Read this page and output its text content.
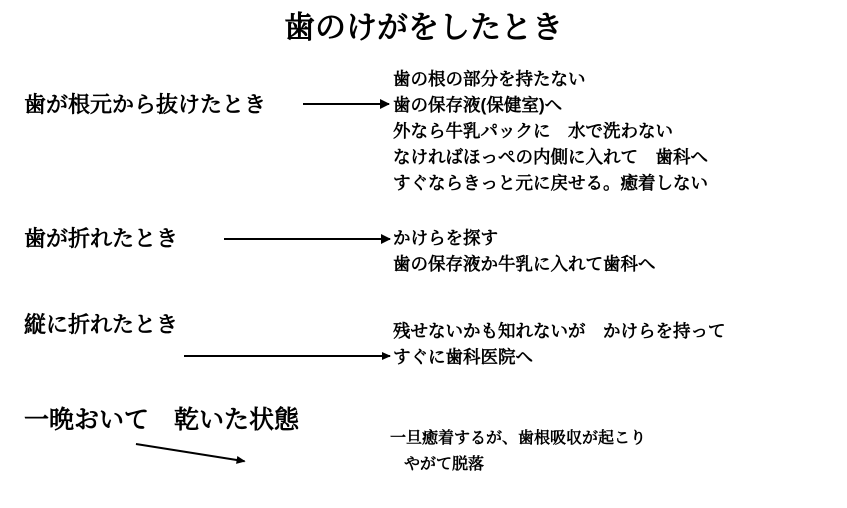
歯のけがをしたとき
歯が根元から抜けたとき
歯の根の部分を持たない
歯の保存液(保健室)へ
外なら牛乳パックに　水で洗わない
なければほっぺの内側に入れて　歯科へ
すぐならきっと元に戻せる。癒着しない
歯が折れたとき	かけらを探す
歯の保存液か牛乳に入れて歯科へ
縦に折れたとき	残せないかも知れないが　かけらを持って
すぐに歯科医院へ
一晩おいて　乾いた状態
一旦癒着するが、歯根吸収が起こり
やがて脱落
